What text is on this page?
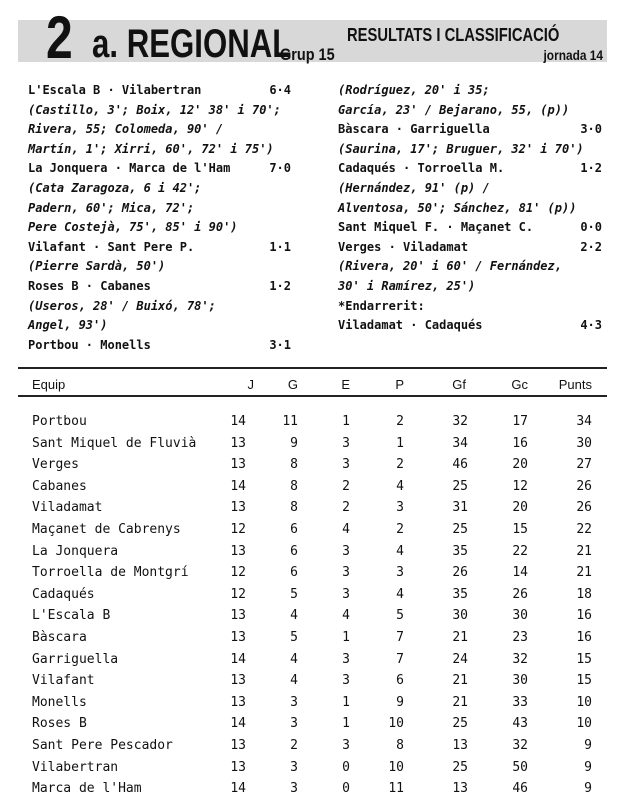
2 a. REGIONAL
Grup 15
RESULTATS I CLASSIFICACIÓ
jornada 14
L'Escala B · Vilabertran	6·4
(Castillo, 3'; Boix, 12' 38' i 70';
Rivera, 55; Colomeda, 90' /
Martín, 1'; Xirri, 60', 72' i 75')
La Jonquera · Marca de l'Ham	7·0
(Cata Zaragoza, 6 i 42';
Padern, 60'; Mica, 72';
Pere Costejà, 75', 85' i 90')
Vilafant · Sant Pere P.	1·1
(Pierre Sardà, 50')
Roses B · Cabanes	1·2
(Useros, 28' / Buixó, 78';
Angel, 93')
Portbou · Monells	3·1
(Rodríguez, 20' i 35;
García, 23' / Bejarano, 55, (p))
Bàscara · Garriguella	3·0
(Saurina, 17'; Bruguer, 32' i 70')
Cadaqués · Torroella M.	1·2
(Hernández, 91' (p) /
Alventosa, 50'; Sánchez, 81' (p))
Sant Miquel F. · Maçanet C.	0·0
Verges · Viladamat	2·2
(Rivera, 20' i 60' / Fernández,
30' i Ramírez, 25')
*Endarrerit:
Viladamat · Cadaqués	4·3
Equip	J	G	E	P	Gf	Gc	Punts
Portbou	14	11	1	2	32	17	34
Sant Miquel de Fluvià	13	9	3	1	34	16	30
Verges	13	8	3	2	46	20	27
Cabanes	14	8	2	4	25	12	26
Viladamat	13	8	2	3	31	20	26
Maçanet de Cabrenys	12	6	4	2	25	15	22
La Jonquera	13	6	3	4	35	22	21
Torroella de Montgrí	12	6	3	3	26	14	21
Cadaqués	12	5	3	4	35	26	18
L'Escala B	13	4	4	5	30	30	16
Bàscara	13	5	1	7	21	23	16
Garriguella	14	4	3	7	24	32	15
Vilafant	13	4	3	6	21	30	15
Monells	13	3	1	9	21	33	10
Roses B	14	3	1	10	25	43	10
Sant Pere Pescador	13	2	3	8	13	32	9
Vilabertran	13	3	0	10	25	50	9
Marca de l'Ham	14	3	0	11	13	46	9
